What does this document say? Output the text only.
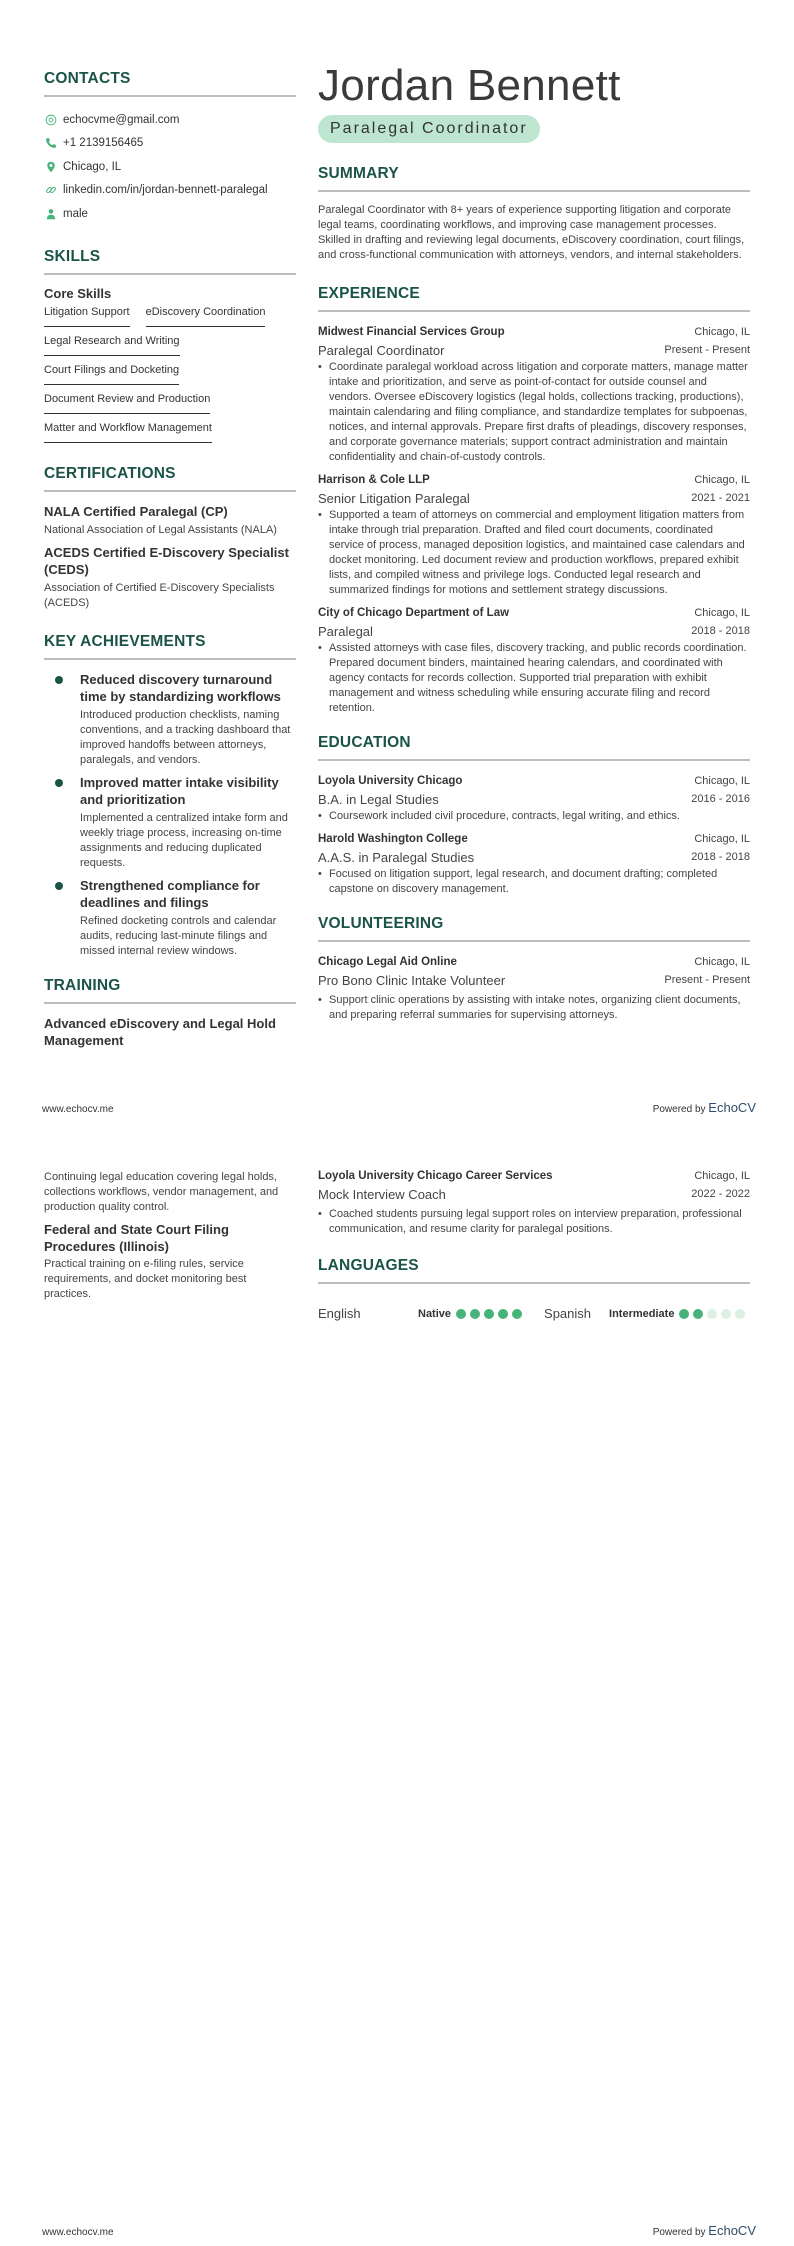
CONTACTS
echocvme@gmail.com
+1 2139156465
Chicago, IL
linkedin.com/in/jordan-bennett-paralegal
male
SKILLS
Core Skills
Litigation Support eDiscovery Coordination
Legal Research and Writing
Court Filings and Docketing
Document Review and Production
Matter and Workflow Management
CERTIFICATIONS
NALA Certified Paralegal (CP)
National Association of Legal Assistants (NALA)
ACEDS Certified E-Discovery Specialist (CEDS)
Association of Certified E-Discovery Specialists (ACEDS)
KEY ACHIEVEMENTS
Reduced discovery turnaround time by standardizing workflows
Introduced production checklists, naming conventions, and a tracking dashboard that improved handoffs between attorneys, paralegals, and vendors.
Improved matter intake visibility and prioritization
Implemented a centralized intake form and weekly triage process, increasing on-time assignments and reducing duplicated requests.
Strengthened compliance for deadlines and filings
Refined docketing controls and calendar audits, reducing last-minute filings and missed internal review windows.
TRAINING
Advanced eDiscovery and Legal Hold Management
Jordan Bennett
Paralegal Coordinator
SUMMARY
Paralegal Coordinator with 8+ years of experience supporting litigation and corporate legal teams, coordinating workflows, and improving case management processes. Skilled in drafting and reviewing legal documents, eDiscovery coordination, court filings, and cross-functional communication with attorneys, vendors, and internal stakeholders.
EXPERIENCE
Midwest Financial Services Group	Chicago, IL
Paralegal Coordinator	Present - Present
• Coordinate paralegal workload across litigation and corporate matters, manage matter intake and prioritization, and serve as point-of-contact for outside counsel and vendors. Oversee eDiscovery logistics (legal holds, collections tracking, productions), maintain calendaring and filing compliance, and standardize templates for subpoenas, notices, and internal approvals. Prepare first drafts of pleadings, discovery responses, and corporate governance materials; support contract administration and maintain confidentiality and chain-of-custody controls.
Harrison & Cole LLP	Chicago, IL
Senior Litigation Paralegal	2021 - 2021
• Supported a team of attorneys on commercial and employment litigation matters from intake through trial preparation. Drafted and filed court documents, coordinated service of process, managed deposition logistics, and maintained case calendars and docket monitoring. Led document review and production workflows, prepared exhibit lists, and compiled witness and privilege logs. Conducted legal research and summarized findings for motions and settlement strategy discussions.
City of Chicago Department of Law	Chicago, IL
Paralegal	2018 - 2018
• Assisted attorneys with case files, discovery tracking, and public records coordination. Prepared document binders, maintained hearing calendars, and coordinated with agency contacts for records collection. Supported trial preparation with exhibit management and witness scheduling while ensuring accurate filing and record retention.
EDUCATION
Loyola University Chicago	Chicago, IL
B.A. in Legal Studies	2016 - 2016
• Coursework included civil procedure, contracts, legal writing, and ethics.
Harold Washington College	Chicago, IL
A.A.S. in Paralegal Studies	2018 - 2018
• Focused on litigation support, legal research, and document drafting; completed capstone on discovery management.
VOLUNTEERING
Chicago Legal Aid Online	Chicago, IL
Pro Bono Clinic Intake Volunteer	Present - Present
• Support clinic operations by assisting with intake notes, organizing client documents, and preparing referral summaries for supervising attorneys.
www.echocv.me	Powered by EchoCV
Continuing legal education covering legal holds, collections workflows, vendor management, and production quality control.
Federal and State Court Filing Procedures (Illinois)
Practical training on e-filing rules, service requirements, and docket monitoring best practices.
Loyola University Chicago Career Services	Chicago, IL
Mock Interview Coach	2022 - 2022
• Coached students pursuing legal support roles on interview preparation, professional communication, and resume clarity for paralegal positions.
LANGUAGES
English	Native	Spanish	Intermediate
www.echocv.me	Powered by EchoCV
